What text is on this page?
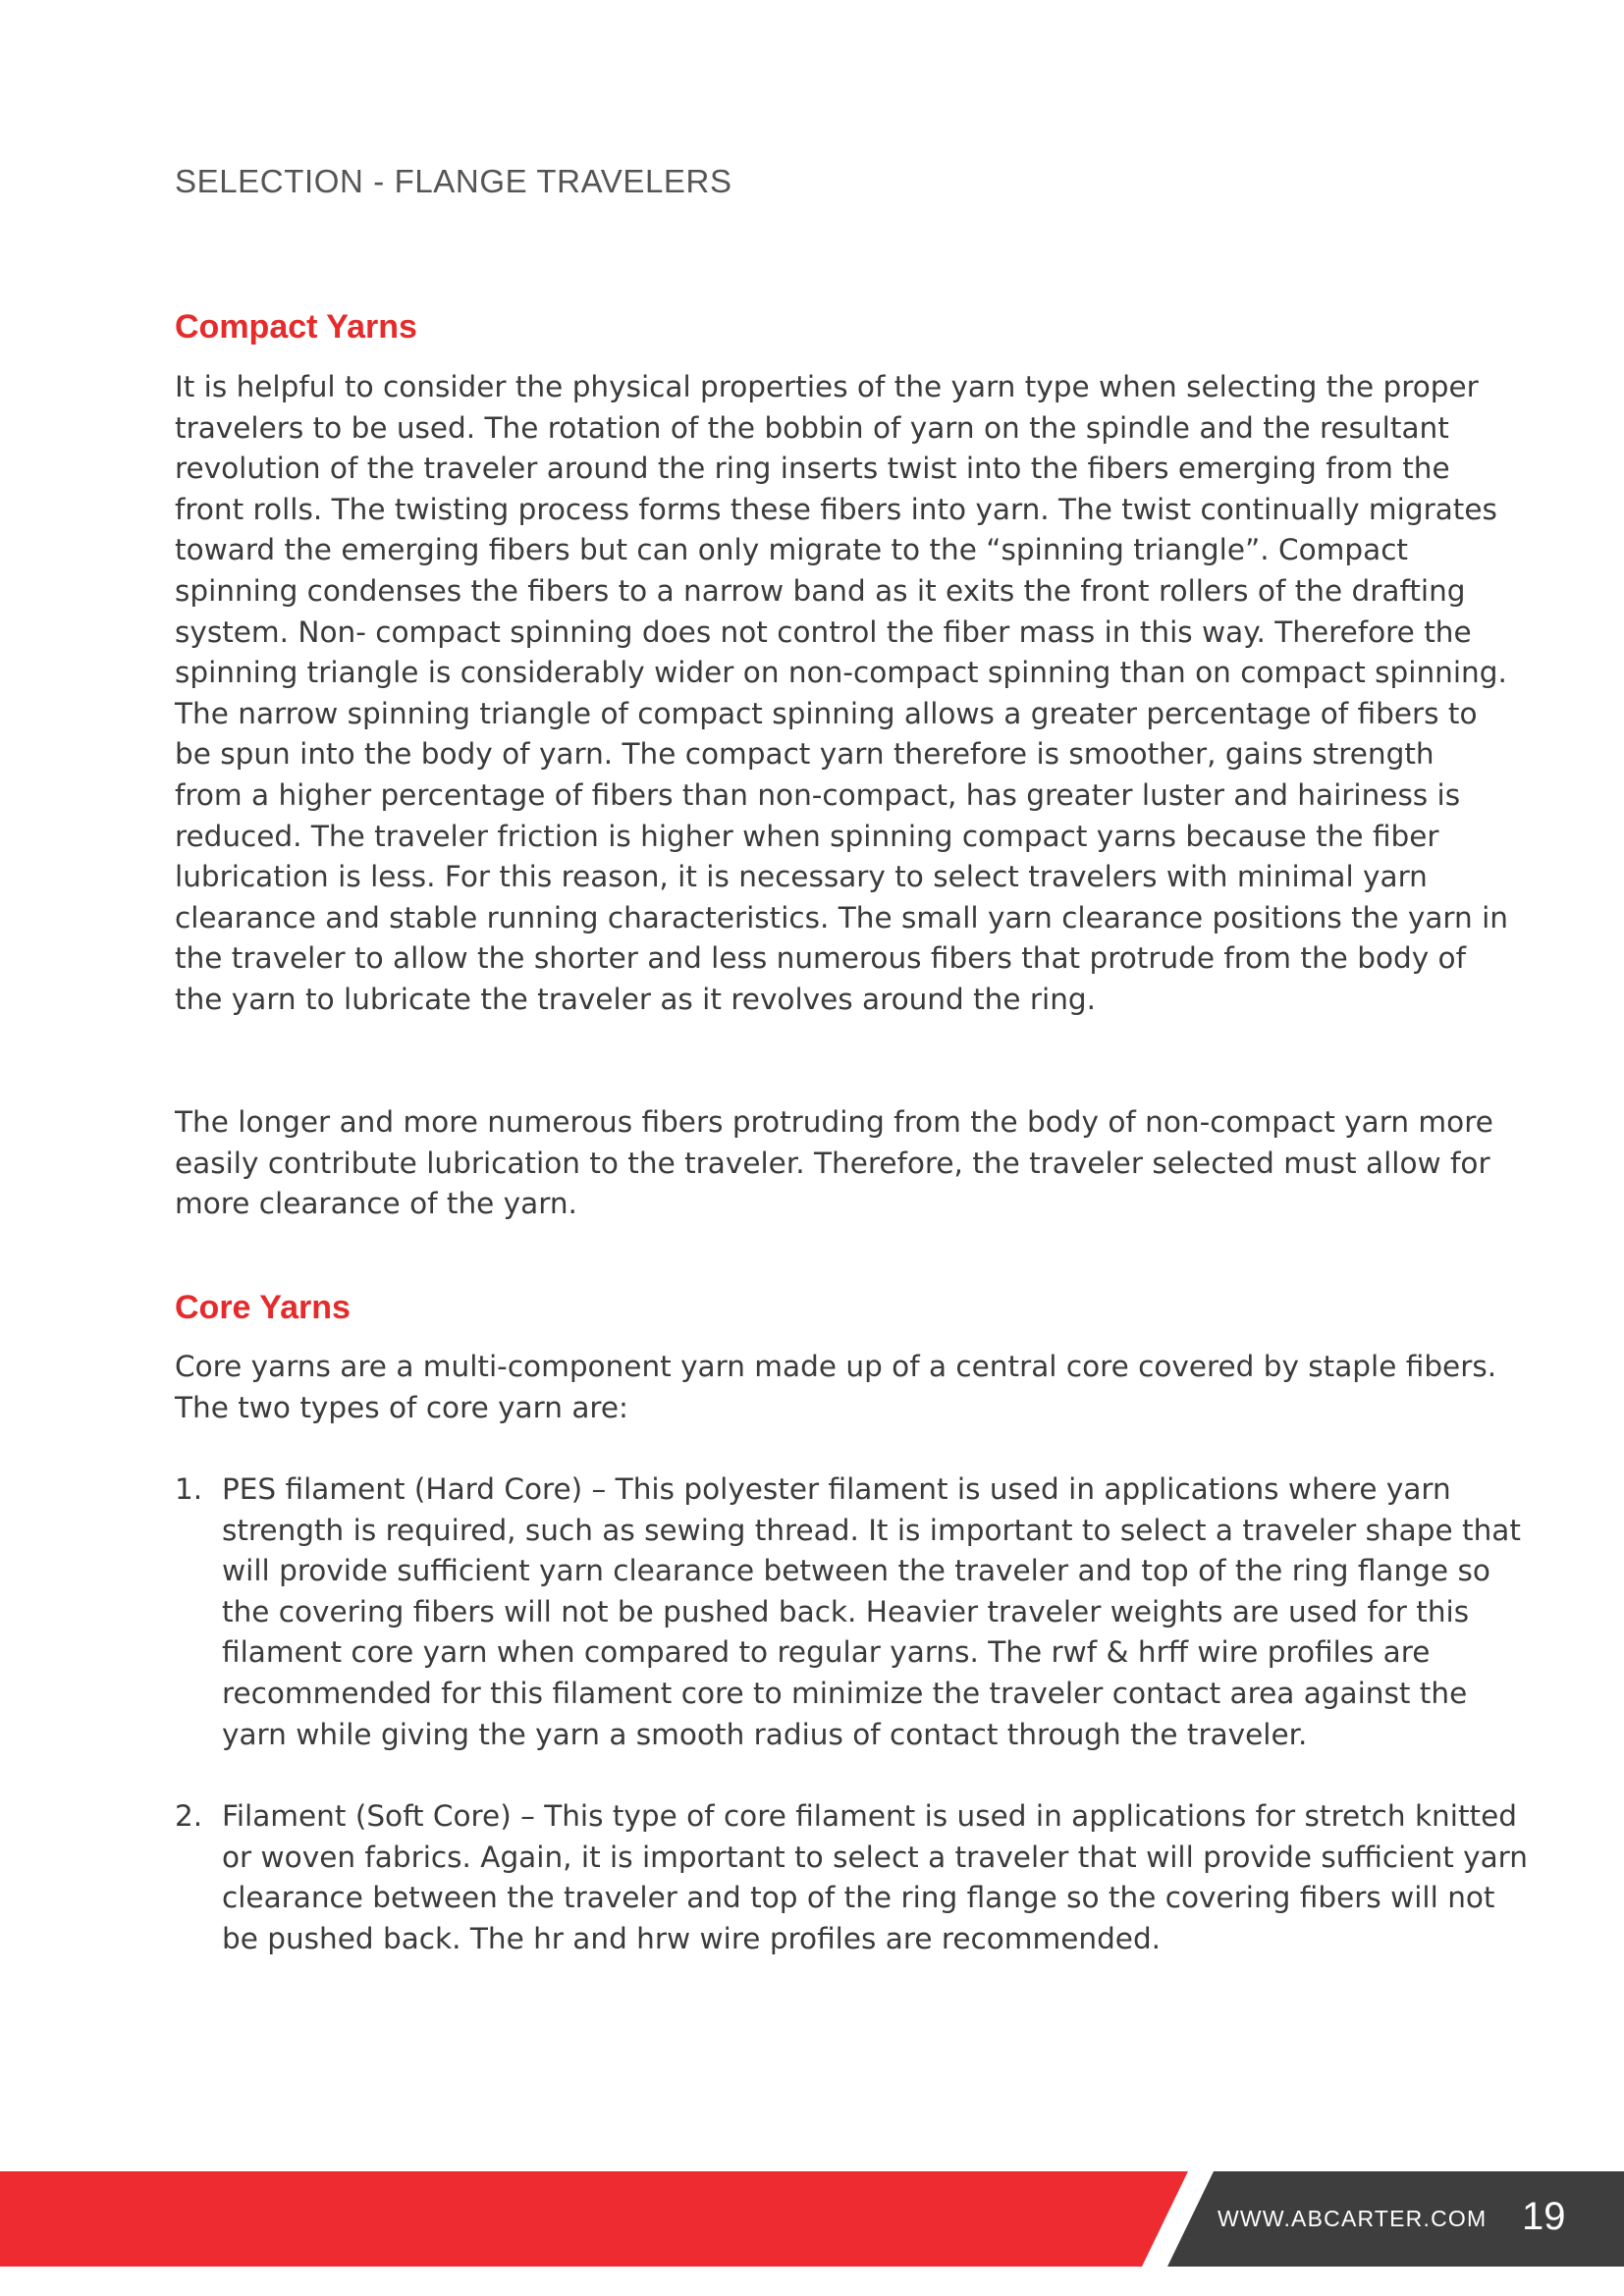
SELECTION - FLANGE TRAVELERS
Compact Yarns

It is helpful to consider the physical properties of the yarn type when selecting the proper travelers to be used. The rotation of the bobbin of yarn on the spindle and the resultant revolution of the traveler around the ring inserts twist into the fibers emerging from the front rolls. The twisting process forms these fibers into yarn. The twist continually migrates toward the emerging fibers but can only migrate to the “spinning triangle”. Compact spinning condenses the fibers to a narrow band as it exits the front rollers of the drafting system. Non- compact spinning does not control the fiber mass in this way. Therefore the spinning triangle is considerably wider on non-compact spinning than on compact spinning. The narrow spinning triangle of compact spinning allows a greater percentage of fibers to be spun into the body of yarn. The compact yarn therefore is smoother, gains strength from a higher percentage of fibers than non-compact, has greater luster and hairiness is reduced. The traveler friction is higher when spinning compact yarns because the fiber lubrication is less. For this reason, it is necessary to select travelers with minimal yarn clearance and stable running characteristics. The small yarn clearance positions the yarn in the traveler to allow the shorter and less numerous fibers that protrude from the body of the yarn to lubricate the traveler as it revolves around the ring.

The longer and more numerous fibers protruding from the body of non-compact yarn more easily contribute lubrication to the traveler. Therefore, the traveler selected must allow for more clearance of the yarn.

Core Yarns

Core yarns are a multi-component yarn made up of a central core covered by staple fibers. The two types of core yarn are:

1. PES filament (Hard Core) – This polyester filament is used in applications where yarn strength is required, such as sewing thread. It is important to select a traveler shape that will provide sufficient yarn clearance between the traveler and top of the ring flange so the covering fibers will not be pushed back. Heavier traveler weights are used for this filament core yarn when compared to regular yarns. The rwf & hrff wire profiles are recommended for this filament core to minimize the traveler contact area against the yarn while giving the yarn a smooth radius of contact through the traveler.

2. Filament (Soft Core) – This type of core filament is used in applications for stretch knitted or woven fabrics. Again, it is important to select a traveler that will provide sufficient yarn clearance between the traveler and top of the ring flange so the covering fibers will not be pushed back. The hr and hrw wire profiles are recommended.

WWW.ABCARTER.COM 19
